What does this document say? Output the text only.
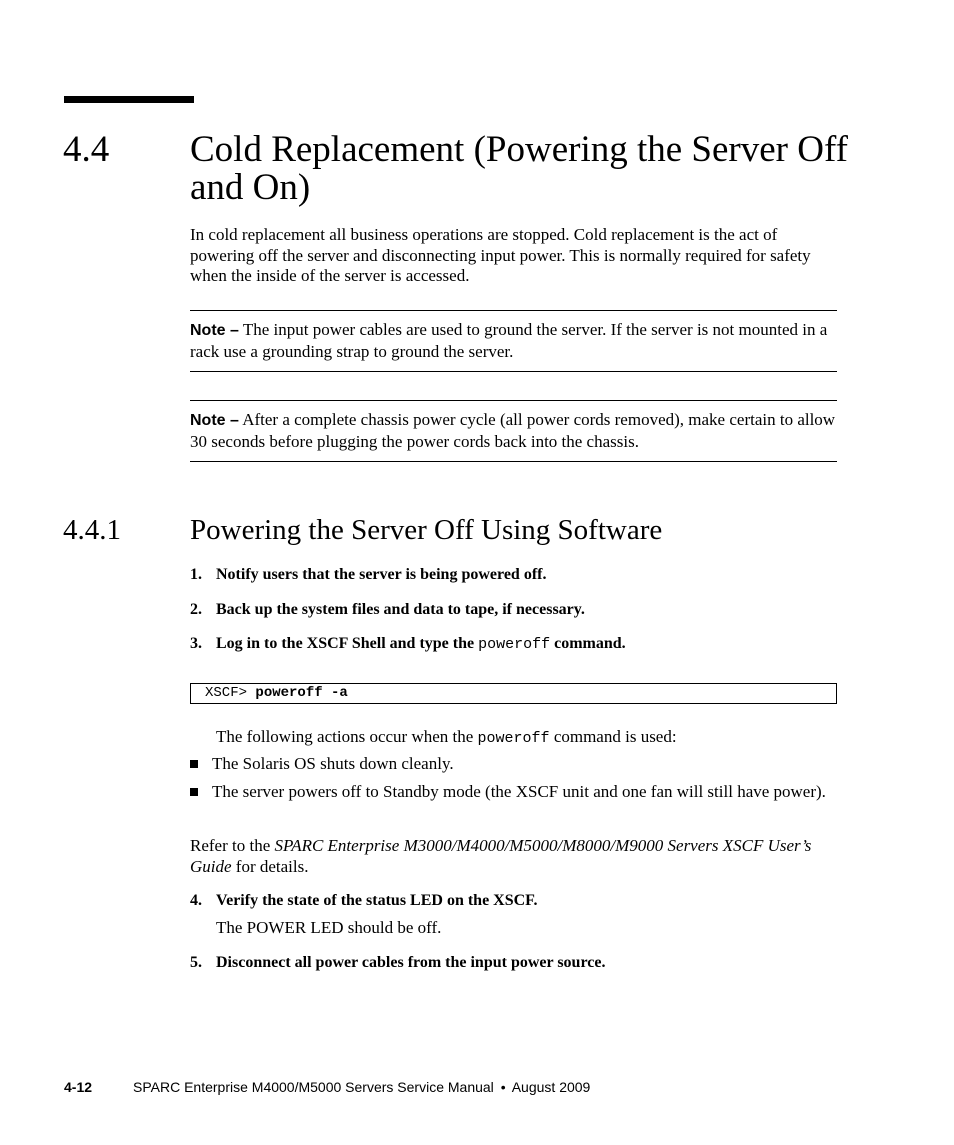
4.4 Cold Replacement (Powering the Server Off and On)
In cold replacement all business operations are stopped. Cold replacement is the act of powering off the server and disconnecting input power. This is normally required for safety when the inside of the server is accessed.
Note – The input power cables are used to ground the server. If the server is not mounted in a rack use a grounding strap to ground the server.
Note – After a complete chassis power cycle (all power cords removed), make certain to allow 30 seconds before plugging the power cords back into the chassis.
4.4.1 Powering the Server Off Using Software
1. Notify users that the server is being powered off.
2. Back up the system files and data to tape, if necessary.
3. Log in to the XSCF Shell and type the poweroff command.
XSCF> poweroff -a
The following actions occur when the poweroff command is used:
The Solaris OS shuts down cleanly.
The server powers off to Standby mode (the XSCF unit and one fan will still have power).
Refer to the SPARC Enterprise M3000/M4000/M5000/M8000/M9000 Servers XSCF User’s Guide for details.
4. Verify the state of the status LED on the XSCF.
The POWER LED should be off.
5. Disconnect all power cables from the input power source.
4-12	SPARC Enterprise M4000/M5000 Servers Service Manual • August 2009
